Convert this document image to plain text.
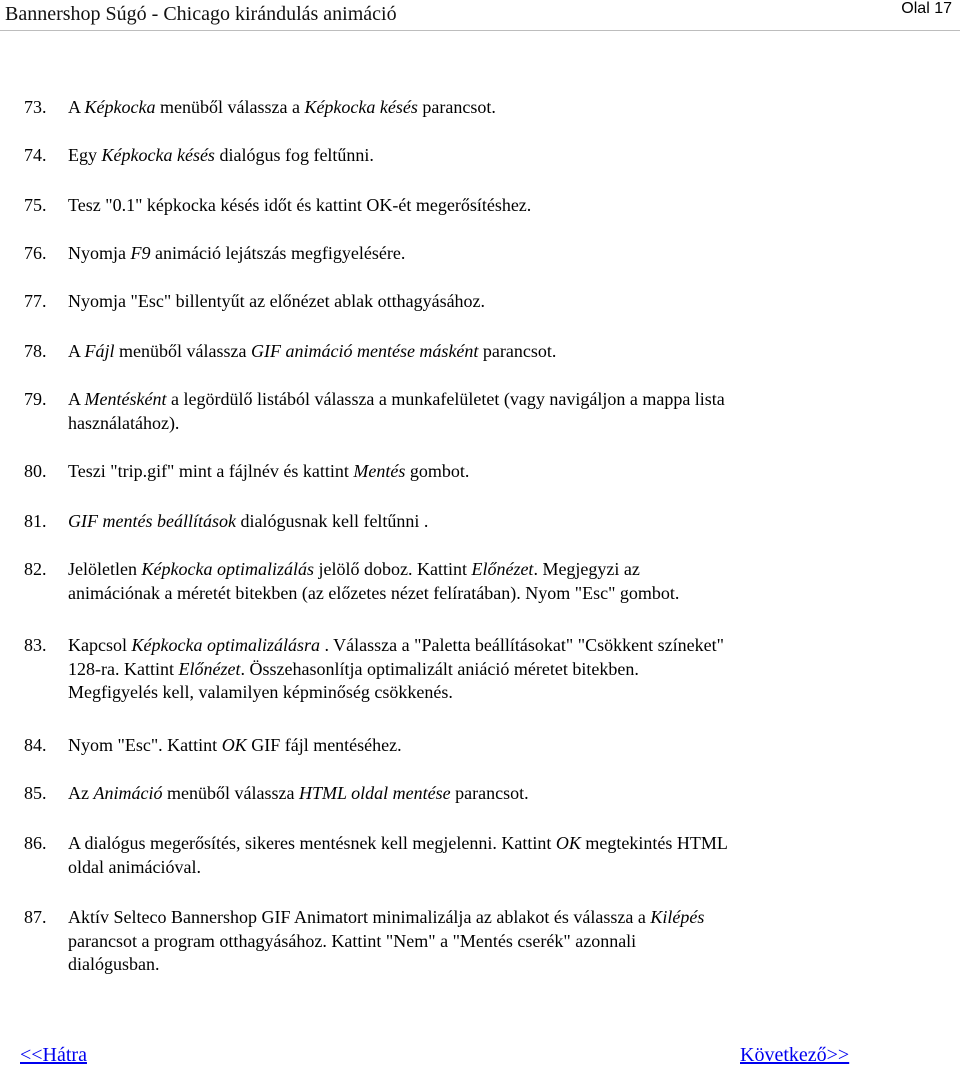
Bannershop Súgó - Chicago kirándulás animáció	Olal 17
73.	A Képkocka menüből válassza a Képkocka késés parancsot.
74.	Egy Képkocka késés dialógus fog feltűnni.
75.	Tesz "0.1" képkocka késés időt és kattint OK-ét megerősítéshez.
76.	Nyomja F9 animáció lejátszás megfigyelésére.
77.	Nyomja "Esc" billentyűt az előnézet ablak otthagyásához.
78.	A Fájl menüből válassza GIF animáció mentése másként parancsot.
79.	A Mentésként a legördülő listából válassza a munkafelületet (vagy navigáljon a mappa lista
használatához).
80.	Teszi "trip.gif" mint a fájlnév és kattint Mentés gombot.
81.	GIF mentés beállítások dialógusnak kell feltűnni .
82.	Jelöletlen Képkocka optimalizálás jelölő doboz. Kattint Előnézet. Megjegyzi az
animációnak a méretét bitekben (az előzetes nézet felíratában). Nyom "Esc" gombot.
83.	Kapcsol Képkocka optimalizálásra . Válassza a "Paletta beállításokat" "Csökkent színeket"
128-ra. Kattint Előnézet. Összehasonlítja optimalizált aniáció méretet bitekben.
Megfigyelés kell, valamilyen képminőség csökkenés.
84.	Nyom "Esc". Kattint OK GIF fájl mentéséhez.
85.	Az Animáció menüből válassza HTML oldal mentése parancsot.
86.	A dialógus megerősítés, sikeres mentésnek kell megjelenni. Kattint OK megtekintés HTML
oldal animációval.
87.	Aktív Selteco Bannershop GIF Animatort minimalizálja az ablakot és válassza a Kilépés
parancsot a program otthagyásához. Kattint "Nem" a "Mentés cserék" azonnali
dialógusban.
<<Hátra	Következő>>
